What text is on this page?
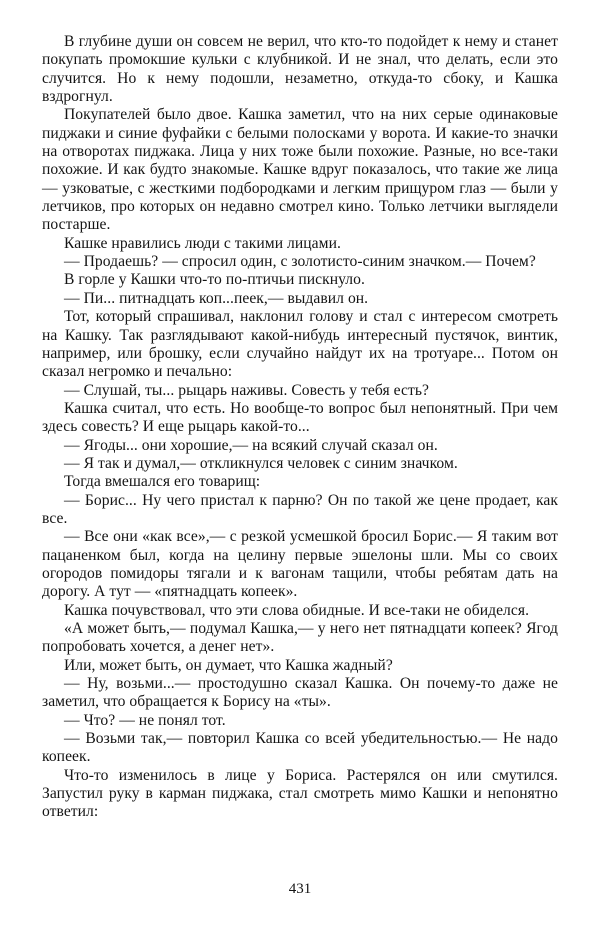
В глубине души он совсем не верил, что кто-то подойдет к нему и станет покупать промокшие кульки с клубникой. И не знал, что делать, если это случится. Но к нему подошли, незаметно, откуда-то сбоку, и Кашка вздрогнул.

Покупателей было двое. Кашка заметил, что на них серые одинаковые пиджаки и синие фуфайки с белыми полосками у ворота. И какие-то значки на отворотах пиджака. Лица у них тоже были похожие. Разные, но все-таки похожие. И как будто знакомые. Кашке вдруг показалось, что такие же лица — узковатые, с жесткими подбородками и легким прищуром глаз — были у летчиков, про которых он недавно смотрел кино. Только летчики выглядели постарше.

Кашке нравились люди с такими лицами.

— Продаешь? — спросил один, с золотисто-синим значком.— Почем?

В горле у Кашки что-то по-птичьи пискнуло.

— Пи... питнадцать коп...пеек,— выдавил он.

Тот, который спрашивал, наклонил голову и стал с интересом смотреть на Кашку. Так разглядывают какой-нибудь интересный пустячок, винтик, например, или брошку, если случайно найдут их на тротуаре... Потом он сказал негромко и печально:

— Слушай, ты... рыцарь наживы. Совесть у тебя есть?

Кашка считал, что есть. Но вообще-то вопрос был непонятный. При чем здесь совесть? И еще рыцарь какой-то...

— Ягоды... они хорошие,— на всякий случай сказал он.

— Я так и думал,— откликнулся человек с синим значком.

Тогда вмешался его товарищ:

— Борис... Ну чего пристал к парню? Он по такой же цене продает, как все.

— Все они «как все»,— с резкой усмешкой бросил Борис.— Я таким вот пацаненком был, когда на целину первые эшелоны шли. Мы со своих огородов помидоры тягали и к вагонам тащили, чтобы ребятам дать на дорогу. А тут — «пятнадцать копеек».

Кашка почувствовал, что эти слова обидные. И все-таки не обиделся.

«А может быть,— подумал Кашка,— у него нет пятнадцати копеек? Ягод попробовать хочется, а денег нет».

Или, может быть, он думает, что Кашка жадный?

— Ну, возьми...— простодушно сказал Кашка. Он почему-то даже не заметил, что обращается к Борису на «ты».

— Что? — не понял тот.

— Возьми так,— повторил Кашка со всей убедительностью.— Не надо копеек.

Что-то изменилось в лице у Бориса. Растерялся он или смутился. Запустил руку в карман пиджака, стал смотреть мимо Кашки и непонятно ответил:

431
